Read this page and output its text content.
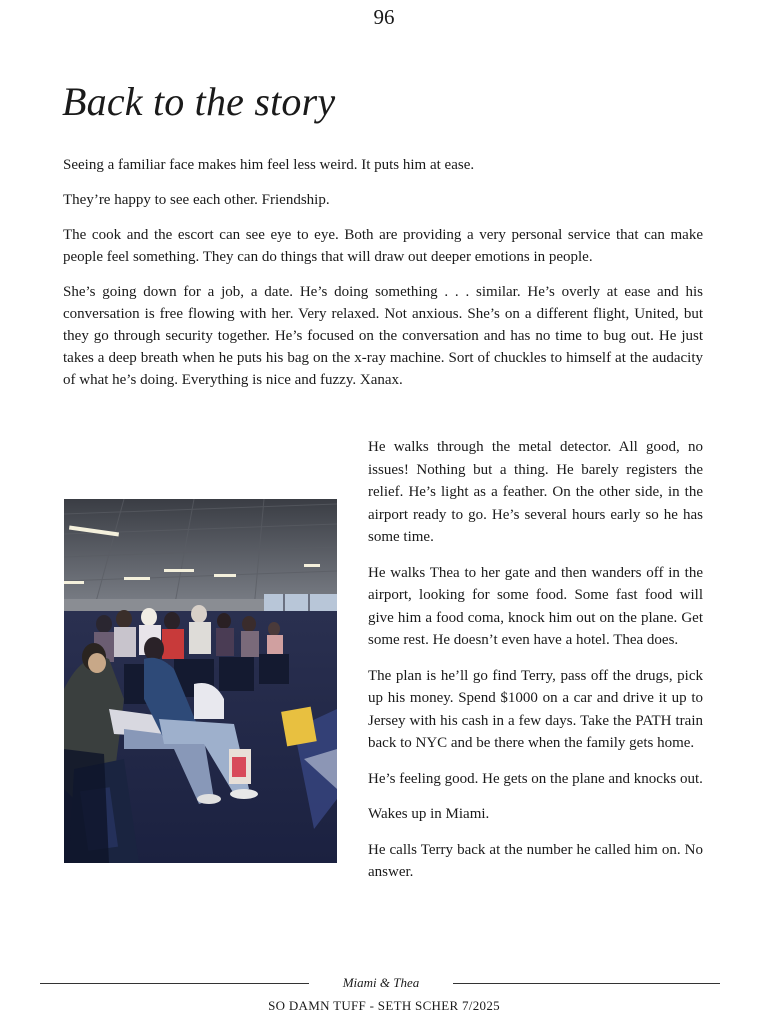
96
Back to the story

Seeing a familiar face makes him feel less weird. It puts him at ease.

They’re happy to see each other. Friendship.

The cook and the escort can see eye to eye. Both are providing a very personal service that can make people feel something. They can do things that will draw out deeper emotions in people.

She’s going down for a job, a date. He’s doing something . . . similar. He’s overly at ease and his conversation is free flowing with her. Very relaxed. Not anxious. She’s on a different flight, United, but they go through security together. He’s focused on the conversation and has no time to bug out. He just takes a deep breath when he puts his bag on the x-ray machine. Sort of chuckles to himself at the audacity of what he’s doing. Everything is nice and fuzzy. Xanax.

He walks through the metal detector. All good, no issues! Nothing but a thing. He barely registers the relief. He’s light as a feather. On the other side, in the airport ready to go. He’s several hours early so he has some time.

He walks Thea to her gate and then wanders off in the airport, looking for some food. Some fast food will give him a food coma, knock him out on the plane. Get some rest. He doesn’t even have a hotel. Thea does.

The plan is he’ll go find Terry, pass off the drugs, pick up his money. Spend $1000 on a car and drive it up to Jersey with his cash in a few days. Take the PATH train back to NYC and be there when the family gets home.

He’s feeling good. He gets on the plane and knocks out.

Wakes up in Miami.

He calls Terry back at the number he called him on. No answer.

Miami & Thea
SO DAMN TUFF - SETH SCHER 7/2025
